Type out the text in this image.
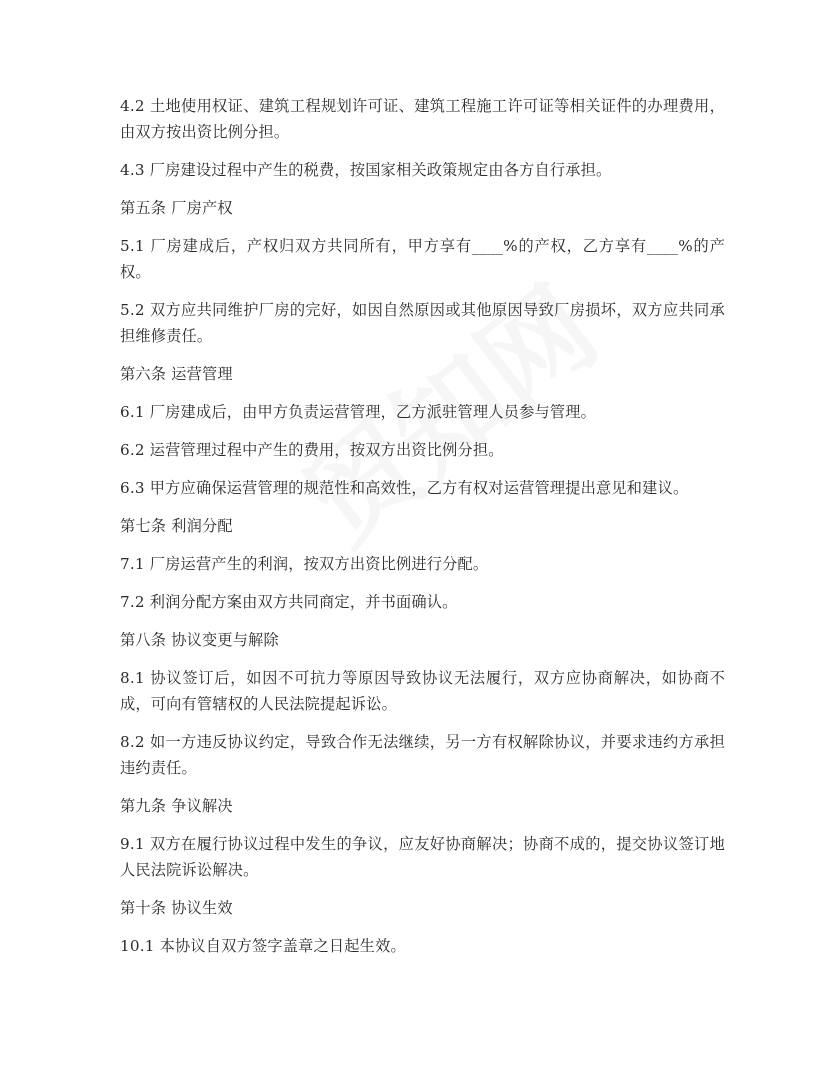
4.2 土地使用权证、建筑工程规划许可证、建筑工程施工许可证等相关证件的办理费用，由双方按出资比例分担。

4.3 厂房建设过程中产生的税费，按国家相关政策规定由各方自行承担。

第五条 厂房产权

5.1 厂房建成后，产权归双方共同所有，甲方享有____%的产权，乙方享有____%的产权。

5.2 双方应共同维护厂房的完好，如因自然原因或其他原因导致厂房损坏，双方应共同承担维修责任。

第六条 运营管理

6.1 厂房建成后，由甲方负责运营管理，乙方派驻管理人员参与管理。

6.2 运营管理过程中产生的费用，按双方出资比例分担。

6.3 甲方应确保运营管理的规范性和高效性，乙方有权对运营管理提出意见和建议。

第七条 利润分配

7.1 厂房运营产生的利润，按双方出资比例进行分配。

7.2 利润分配方案由双方共同商定，并书面确认。

第八条 协议变更与解除

8.1 协议签订后，如因不可抗力等原因导致协议无法履行，双方应协商解决，如协商不成，可向有管辖权的人民法院提起诉讼。

8.2 如一方违反协议约定，导致合作无法继续，另一方有权解除协议，并要求违约方承担违约责任。

第九条 争议解决

9.1 双方在履行协议过程中发生的争议，应友好协商解决；协商不成的，提交协议签订地人民法院诉讼解决。

第十条 协议生效

10.1 本协议自双方签字盖章之日起生效。
